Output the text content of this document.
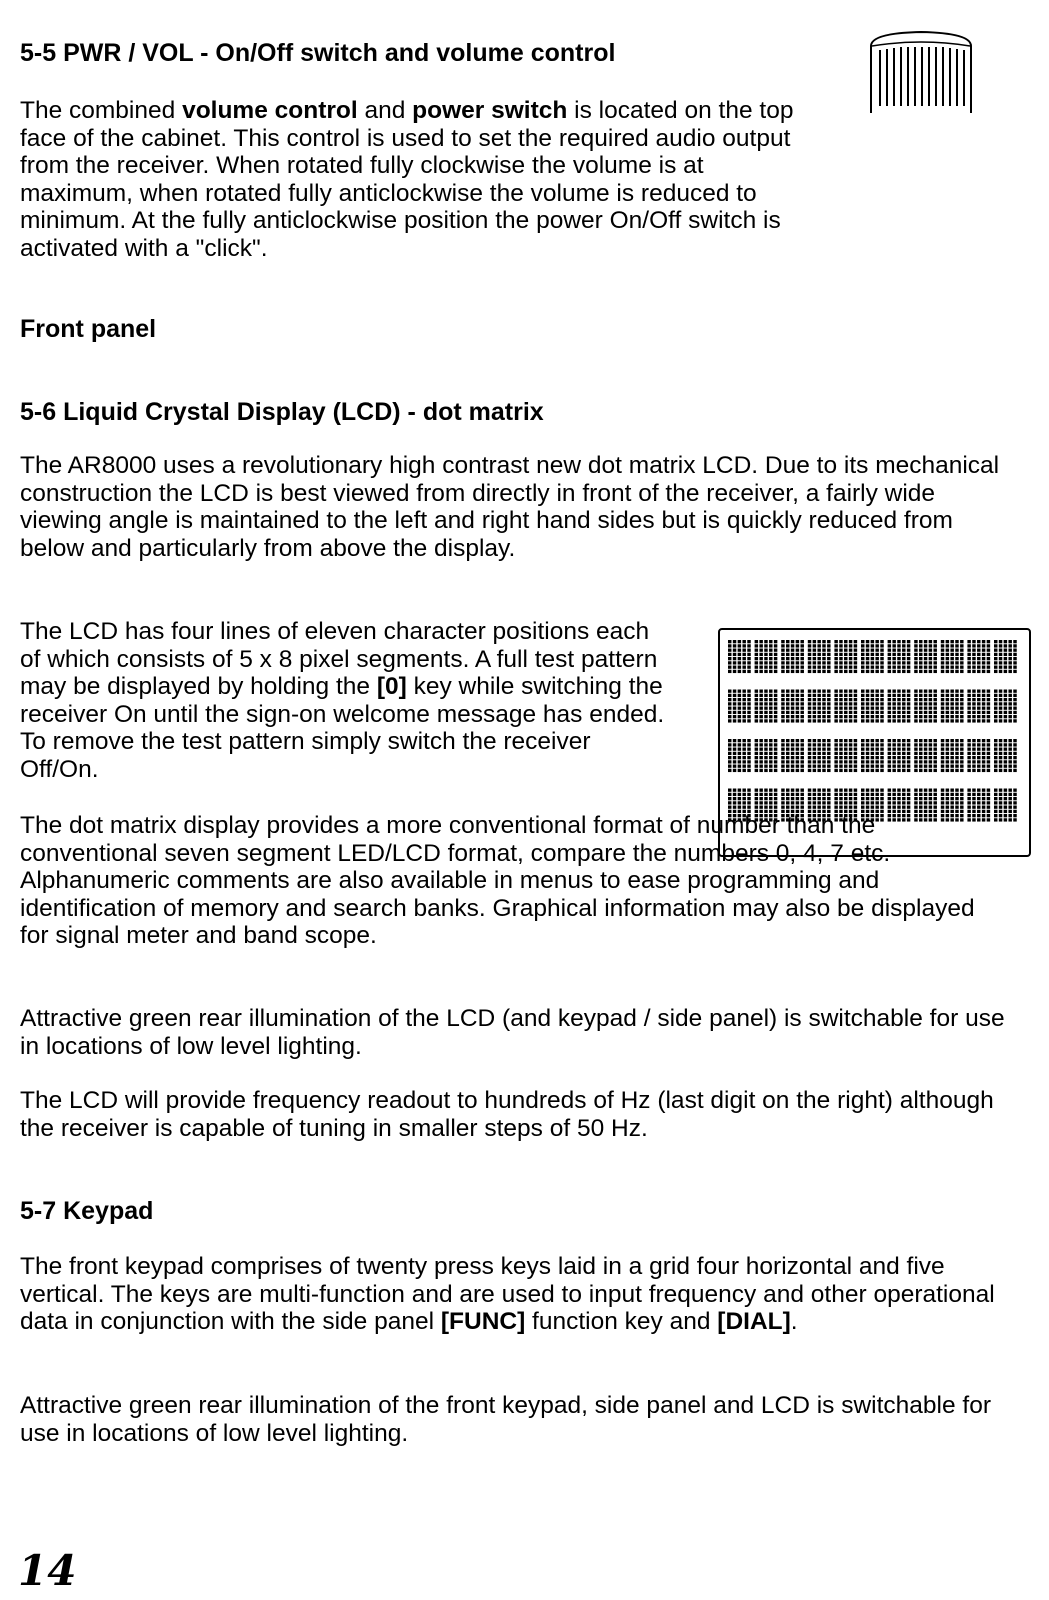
5-5 PWR / VOL - On/Off switch and volume control

The combined volume control and power switch is located on the top face of the cabinet. This control is used to set the required audio output from the receiver. When rotated fully clockwise the volume is at maximum, when rotated fully anticlockwise the volume is reduced to minimum. At the fully anticlockwise position the power On/Off switch is activated with a "click".

Front panel
5-6 Liquid Crystal Display (LCD) - dot matrix

The AR8000 uses a revolutionary high contrast new dot matrix LCD. Due to its mechanical construction the LCD is best viewed from directly in front of the receiver, a fairly wide viewing angle is maintained to the left and right hand sides but is quickly reduced from below and particularly from above the display.

The LCD has four lines of eleven character positions each of which consists of 5 x 8 pixel segments. A full test pattern may be displayed by holding the [0] key while switching the receiver On until the sign-on welcome message has ended. To remove the test pattern simply switch the receiver Off/On.

The dot matrix display provides a more conventional format of number than the conventional seven segment LED/LCD format, compare the numbers 0, 4, 7 etc. Alphanumeric comments are also available in menus to ease programming and identification of memory and search banks. Graphical information may also be displayed for signal meter and band scope.

Attractive green rear illumination of the LCD (and keypad / side panel) is switchable for use in locations of low level lighting.

The LCD will provide frequency readout to hundreds of Hz (last digit on the right) although the receiver is capable of tuning in smaller steps of 50 Hz.

5-7 Keypad

The front keypad comprises of twenty press keys laid in a grid four horizontal and five vertical. The keys are multi-function and are used to input frequency and other operational data in conjunction with the side panel [FUNC] function key and [DIAL].

Attractive green rear illumination of the front keypad, side panel and LCD is switchable for use in locations of low level lighting.

14
